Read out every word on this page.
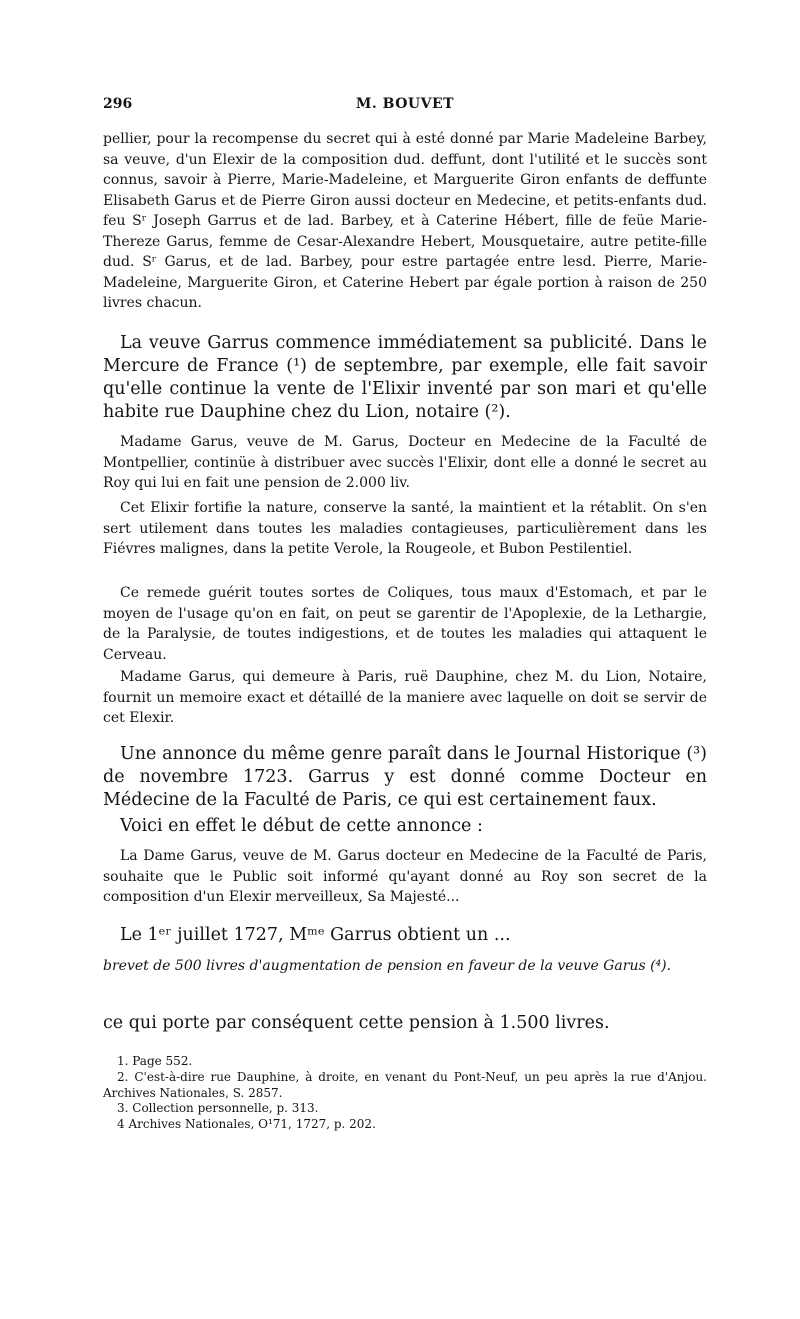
296	M. BOUVET

pellier, pour la recompense du secret qui à esté donné par Marie Madeleine Barbey, sa veuve, d'un Elexir de la composition dud. deffunt, dont l'utilité et le succès sont connus, savoir à Pierre, Marie-Madeleine, et Marguerite Giron enfants de deffunte Elisabeth Garus et de Pierre Giron aussi docteur en Medecine, et petits-enfants dud. feu Sʳ Joseph Garrus et de lad. Barbey, et à Caterine Hébert, fille de feüe Marie-Thereze Garus, femme de Cesar-Alexandre Hebert, Mousquetaire, autre petite-fille dud. Sʳ Garus, et de lad. Barbey, pour estre partagée entre lesd. Pierre, Marie-Madeleine, Marguerite Giron, et Caterine Hebert par égale portion à raison de 250 livres chacun.

La veuve Garrus commence immédiatement sa publicité. Dans le Mercure de France (¹) de septembre, par exemple, elle fait savoir qu'elle continue la vente de l'Elixir inventé par son mari et qu'elle habite rue Dauphine chez du Lion, notaire (²).

Madame Garus, veuve de M. Garus, Docteur en Medecine de la Faculté de Montpellier, continüe à distribuer avec succès l'Elixir, dont elle a donné le secret au Roy qui lui en fait une pension de 2.000 liv.

Cet Elixir fortifie la nature, conserve la santé, la maintient et la rétablit. On s'en sert utilement dans toutes les maladies contagieuses, particulièrement dans les Fiévres malignes, dans la petite Verole, la Rougeole, et Bubon Pestilentiel.

Ce remede guérit toutes sortes de Coliques, tous maux d'Estomach, et par le moyen de l'usage qu'on en fait, on peut se garentir de l'Apoplexie, de la Lethargie, de la Paralysie, de toutes indigestions, et de toutes les maladies qui attaquent le Cerveau.

Madame Garus, qui demeure à Paris, ruë Dauphine, chez M. du Lion, Notaire, fournit un memoire exact et détaillé de la maniere avec laquelle on doit se servir de cet Elexir.

Une annonce du même genre paraît dans le Journal Historique (³) de novembre 1723. Garrus y est donné comme Docteur en Médecine de la Faculté de Paris, ce qui est certainement faux.

Voici en effet le début de cette annonce :

La Dame Garus, veuve de M. Garus docteur en Medecine de la Faculté de Paris, souhaite que le Public soit informé qu'ayant donné au Roy son secret de la composition d'un Elexir merveilleux, Sa Majesté...

Le 1ᵉʳ juillet 1727, Mᵐᵉ Garrus obtient un ...

brevet de 500 livres d'augmentation de pension en faveur de la veuve Garus (⁴).

ce qui porte par conséquent cette pension à 1.500 livres.

1. Page 552.
2. C'est-à-dire rue Dauphine, à droite, en venant du Pont-Neuf, un peu après la rue d'Anjou. Archives Nationales, S. 2857.
3. Collection personnelle, p. 313.
4 Archives Nationales, O¹71, 1727, p. 202.
